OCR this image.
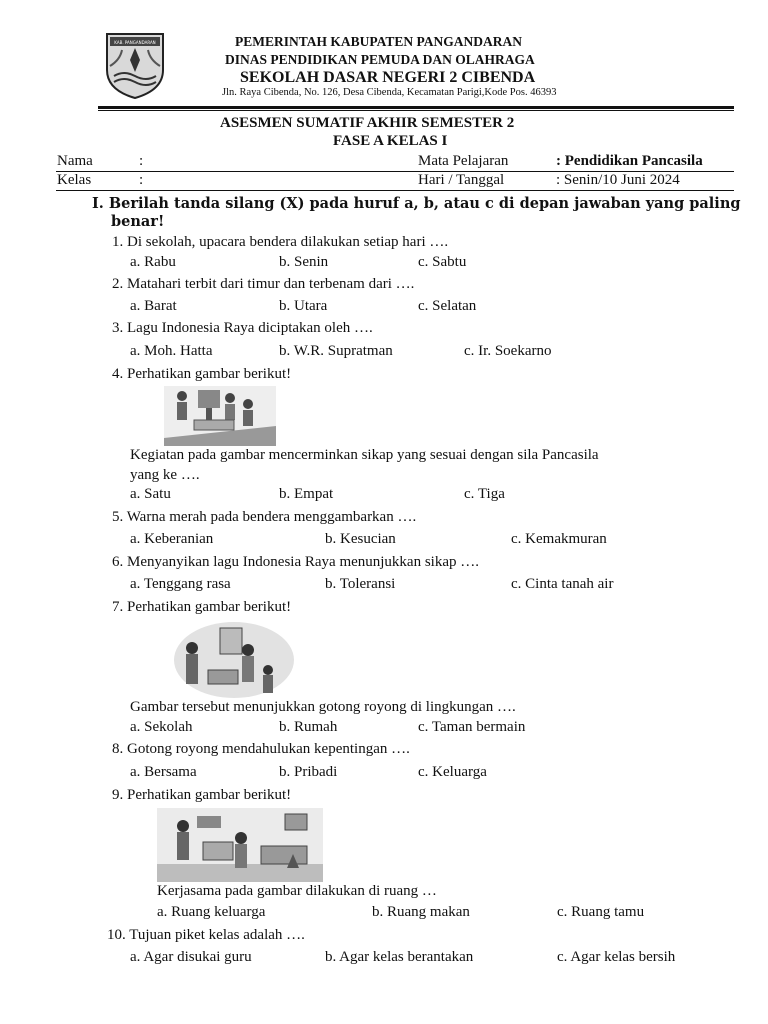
KAB. PANGANDARAN	PEMERINTAH KABUPATEN PANGANDARAN
DINAS PENDIDIKAN PEMUDA DAN OLAHRAGA
SEKOLAH DASAR NEGERI 2 CIBENDA
Jln. Raya Cibenda, No. 126, Desa Cibenda, Kecamatan Parigi,Kode Pos. 46393
ASESMEN SUMATIF AKHIR SEMESTER 2
FASE A KELAS I
Nama	:	Mata Pelajaran	: Pendidikan Pancasila
Kelas	:	Hari / Tanggal	: Senin/10 Juni 2024
I. Berilah tanda silang (X) pada huruf a, b, atau c di depan jawaban yang paling
benar!
1. Di sekolah, upacara bendera dilakukan setiap hari ….
a. Rabu	b. Senin	c. Sabtu
2. Matahari terbit dari timur dan terbenam dari ….
a. Barat	b. Utara	c. Selatan
3. Lagu Indonesia Raya diciptakan oleh ….
a. Moh. Hatta	b. W.R. Supratman	c. Ir. Soekarno
4. Perhatikan gambar berikut!
Kegiatan pada gambar mencerminkan sikap yang sesuai dengan sila Pancasila
yang ke ….
a. Satu	b. Empat	c. Tiga
5. Warna merah pada bendera menggambarkan ….
a. Keberanian	b. Kesucian	c. Kemakmuran
6. Menyanyikan lagu Indonesia Raya menunjukkan sikap ….
a. Tenggang rasa	b. Toleransi	c. Cinta tanah air
7. Perhatikan gambar berikut!
Gambar tersebut menunjukkan gotong royong di lingkungan ….
a. Sekolah	b. Rumah	c. Taman bermain
8. Gotong royong mendahulukan kepentingan ….
a. Bersama	b. Pribadi	c. Keluarga
9. Perhatikan gambar berikut!
Kerjasama pada gambar dilakukan di ruang …
a. Ruang keluarga	b. Ruang makan	c. Ruang tamu
10. Tujuan piket kelas adalah ….
a. Agar disukai guru	b. Agar kelas berantakan	c. Agar kelas bersih
